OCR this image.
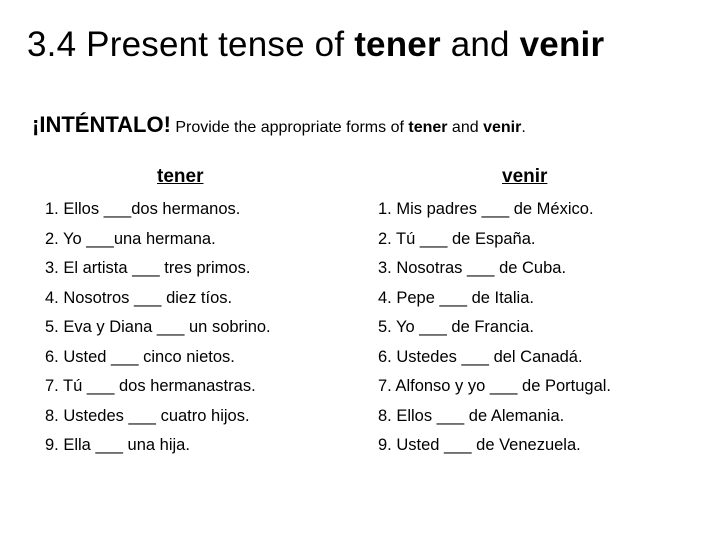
3.4 Present tense of tener and venir
¡INTÉNTALO! Provide the appropriate forms of tener and venir.
tener
1. Ellos ___dos hermanos.
2. Yo ___una hermana.
3. El artista ___ tres primos.
4. Nosotros ___ diez tíos.
5. Eva y Diana ___ un sobrino.
6. Usted ___ cinco nietos.
7. Tú ___ dos hermanastras.
8. Ustedes ___ cuatro hijos.
9. Ella ___ una hija.
venir
1. Mis padres ___ de México.
2. Tú ___ de España.
3. Nosotras ___ de Cuba.
4. Pepe ___ de Italia.
5. Yo ___ de Francia.
6. Ustedes ___ del Canadá.
7. Alfonso y yo ___ de Portugal.
8. Ellos ___ de Alemania.
9. Usted ___ de Venezuela.
